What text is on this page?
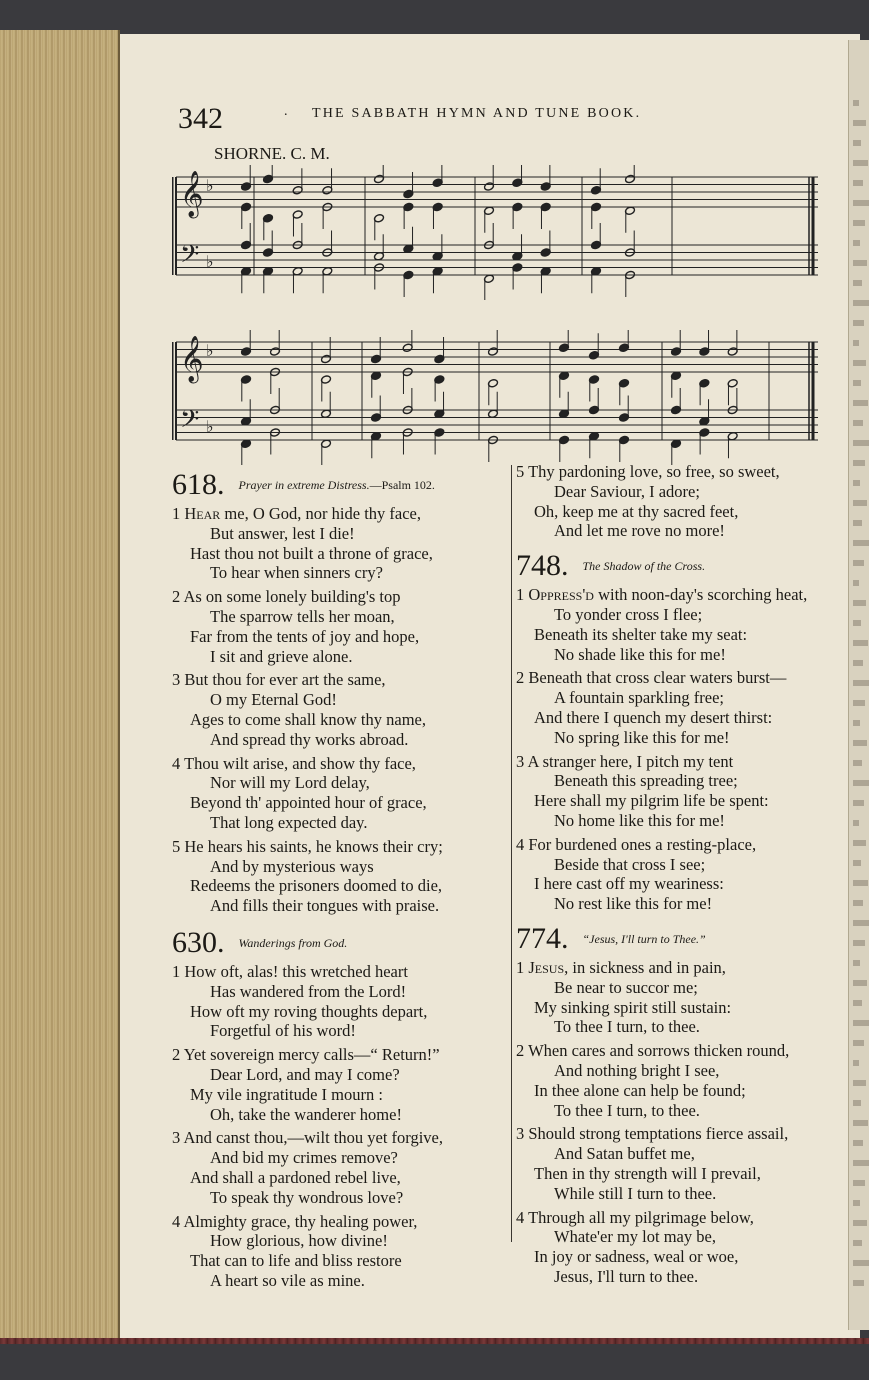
342	. THE SABBATH HYMN AND TUNE BOOK.
SHORNE. C. M.
𝄞
𝄢
♭
♭
𝄞
𝄢
♭
♭
618. Prayer in extreme Distress.—Psalm 102.
1 Hear me, O God, nor hide thy face,
But answer, lest I die!
Hast thou not built a throne of grace,
To hear when sinners cry?
2 As on some lonely building's top
The sparrow tells her moan,
Far from the tents of joy and hope,
I sit and grieve alone.
3 But thou for ever art the same,
O my Eternal God!
Ages to come shall know thy name,
And spread thy works abroad.
4 Thou wilt arise, and show thy face,
Nor will my Lord delay,
Beyond th' appointed hour of grace,
That long expected day.
5 He hears his saints, he knows their cry;
And by mysterious ways
Redeems the prisoners doomed to die,
And fills their tongues with praise.
630. Wanderings from God.
1 How oft, alas! this wretched heart
Has wandered from the Lord!
How oft my roving thoughts depart,
Forgetful of his word!
2 Yet sovereign mercy calls—“ Return!”
Dear Lord, and may I come?
My vile ingratitude I mourn :
Oh, take the wanderer home!
3 And canst thou,—wilt thou yet forgive,
And bid my crimes remove?
And shall a pardoned rebel live,
To speak thy wondrous love?
4 Almighty grace, thy healing power,
How glorious, how divine!
That can to life and bliss restore
A heart so vile as mine.
5 Thy pardoning love, so free, so sweet,
Dear Saviour, I adore;
Oh, keep me at thy sacred feet,
And let me rove no more!
748. The Shadow of the Cross.
1 Oppress'd with noon-day's scorching heat,
To yonder cross I flee;
Beneath its shelter take my seat:
No shade like this for me!
2 Beneath that cross clear waters burst—
A fountain sparkling free;
And there I quench my desert thirst:
No spring like this for me!
3 A stranger here, I pitch my tent
Beneath this spreading tree;
Here shall my pilgrim life be spent:
No home like this for me!
4 For burdened ones a resting-place,
Beside that cross I see;
I here cast off my weariness:
No rest like this for me!
774. “Jesus, I'll turn to Thee.”
1 Jesus, in sickness and in pain,
Be near to succor me;
My sinking spirit still sustain:
To thee I turn, to thee.
2 When cares and sorrows thicken round,
And nothing bright I see,
In thee alone can help be found;
To thee I turn, to thee.
3 Should strong temptations fierce assail,
And Satan buffet me,
Then in thy strength will I prevail,
While still I turn to thee.
4 Through all my pilgrimage below,
Whate'er my lot may be,
In joy or sadness, weal or woe,
Jesus, I'll turn to thee.
